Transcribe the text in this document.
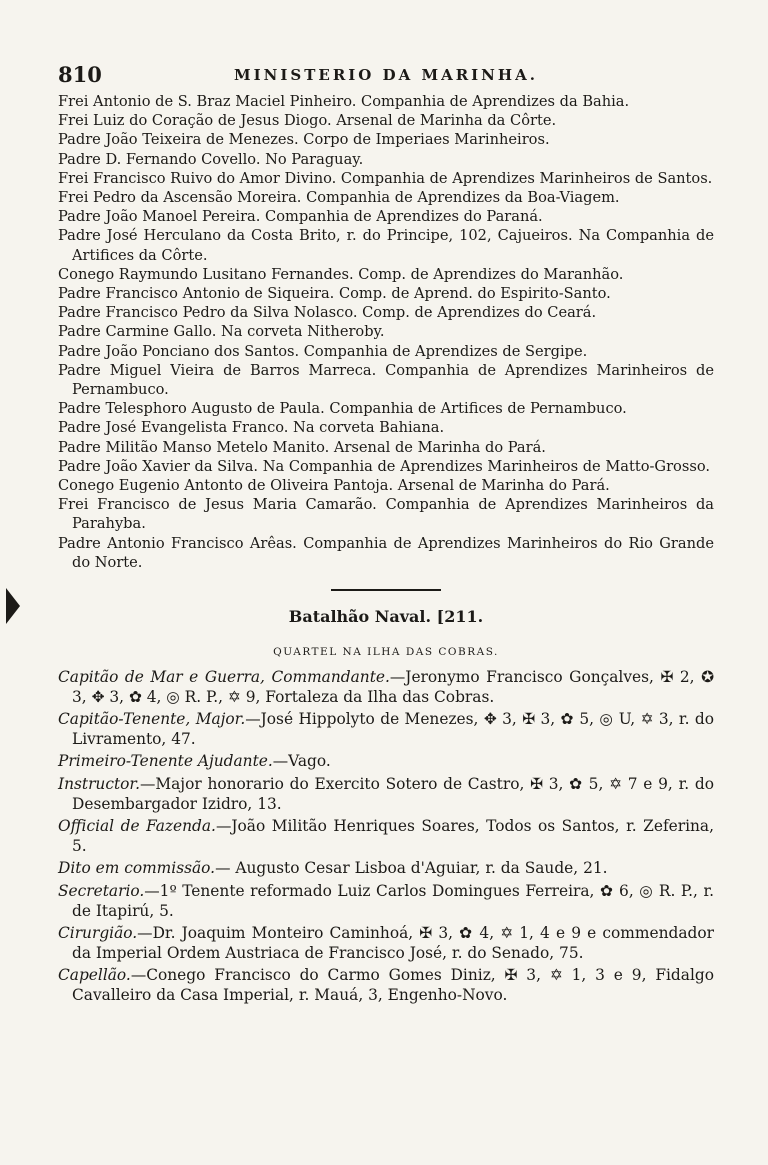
810	MINISTERIO DA MARINHA.

Frei Antonio de S. Braz Maciel Pinheiro. Companhia de Aprendizes da Bahia.

Frei Luiz do Coração de Jesus Diogo. Arsenal de Marinha da Côrte.

Padre João Teixeira de Menezes. Corpo de Imperiaes Marinheiros.

Padre D. Fernando Covello. No Paraguay.

Frei Francisco Ruivo do Amor Divino. Companhia de Aprendizes Marinheiros de Santos.

Frei Pedro da Ascensão Moreira. Companhia de Aprendizes da Boa-Viagem.

Padre João Manoel Pereira. Companhia de Aprendizes do Paraná.

Padre José Herculano da Costa Brito, r. do Principe, 102, Cajueiros. Na Companhia de Artifices da Côrte.

Conego Raymundo Lusitano Fernandes. Comp. de Aprendizes do Maranhão.

Padre Francisco Antonio de Siqueira. Comp. de Aprend. do Espirito-Santo.

Padre Francisco Pedro da Silva Nolasco. Comp. de Aprendizes do Ceará.

Padre Carmine Gallo. Na corveta Nitheroby.

Padre João Ponciano dos Santos. Companhia de Aprendizes de Sergipe.

Padre Miguel Vieira de Barros Marreca. Companhia de Aprendizes Marinheiros de Pernambuco.

Padre Telesphoro Augusto de Paula. Companhia de Artifices de Pernambuco.

Padre José Evangelista Franco. Na corveta Bahiana.

Padre Militão Manso Metelo Manito. Arsenal de Marinha do Pará.

Padre João Xavier da Silva. Na Companhia de Aprendizes Marinheiros de Matto-Grosso.

Conego Eugenio Antonto de Oliveira Pantoja. Arsenal de Marinha do Pará.

Frei Francisco de Jesus Maria Camarão. Companhia de Aprendizes Marinheiros da Parahyba.

Padre Antonio Francisco Arêas. Companhia de Aprendizes Marinheiros do Rio Grande do Norte.

Batalhão Naval. [211.
QUARTEL NA ILHA DAS COBRAS.

Capitão de Mar e Guerra, Commandante.—Jeronymo Francisco Gonçalves, ✠ 2, ✪ 3, ✥ 3, ✿ 4, ◎ R. P., ✡ 9, Fortaleza da Ilha das Cobras.

Capitão-Tenente, Major.—José Hippolyto de Menezes, ✥ 3, ✠ 3, ✿ 5, ◎ U, ✡ 3, r. do Livramento, 47.

Primeiro-Tenente Ajudante.—Vago.

Instructor.—Major honorario do Exercito Sotero de Castro, ✠ 3, ✿ 5, ✡ 7 e 9, r. do Desembargador Izidro, 13.

Official de Fazenda.—João Militão Henriques Soares, Todos os Santos, r. Zeferina, 5.

Dito em commissão.— Augusto Cesar Lisboa d'Aguiar, r. da Saude, 21.

Secretario.—1º Tenente reformado Luiz Carlos Domingues Ferreira, ✿ 6, ◎ R. P., r. de Itapirú, 5.

Cirurgião.—Dr. Joaquim Monteiro Caminhoá, ✠ 3, ✿ 4, ✡ 1, 4 e 9 e commendador da Imperial Ordem Austriaca de Francisco José, r. do Senado, 75.

Capellão.—Conego Francisco do Carmo Gomes Diniz, ✠ 3, ✡ 1, 3 e 9, Fidalgo Cavalleiro da Casa Imperial, r. Mauá, 3, Engenho-Novo.
